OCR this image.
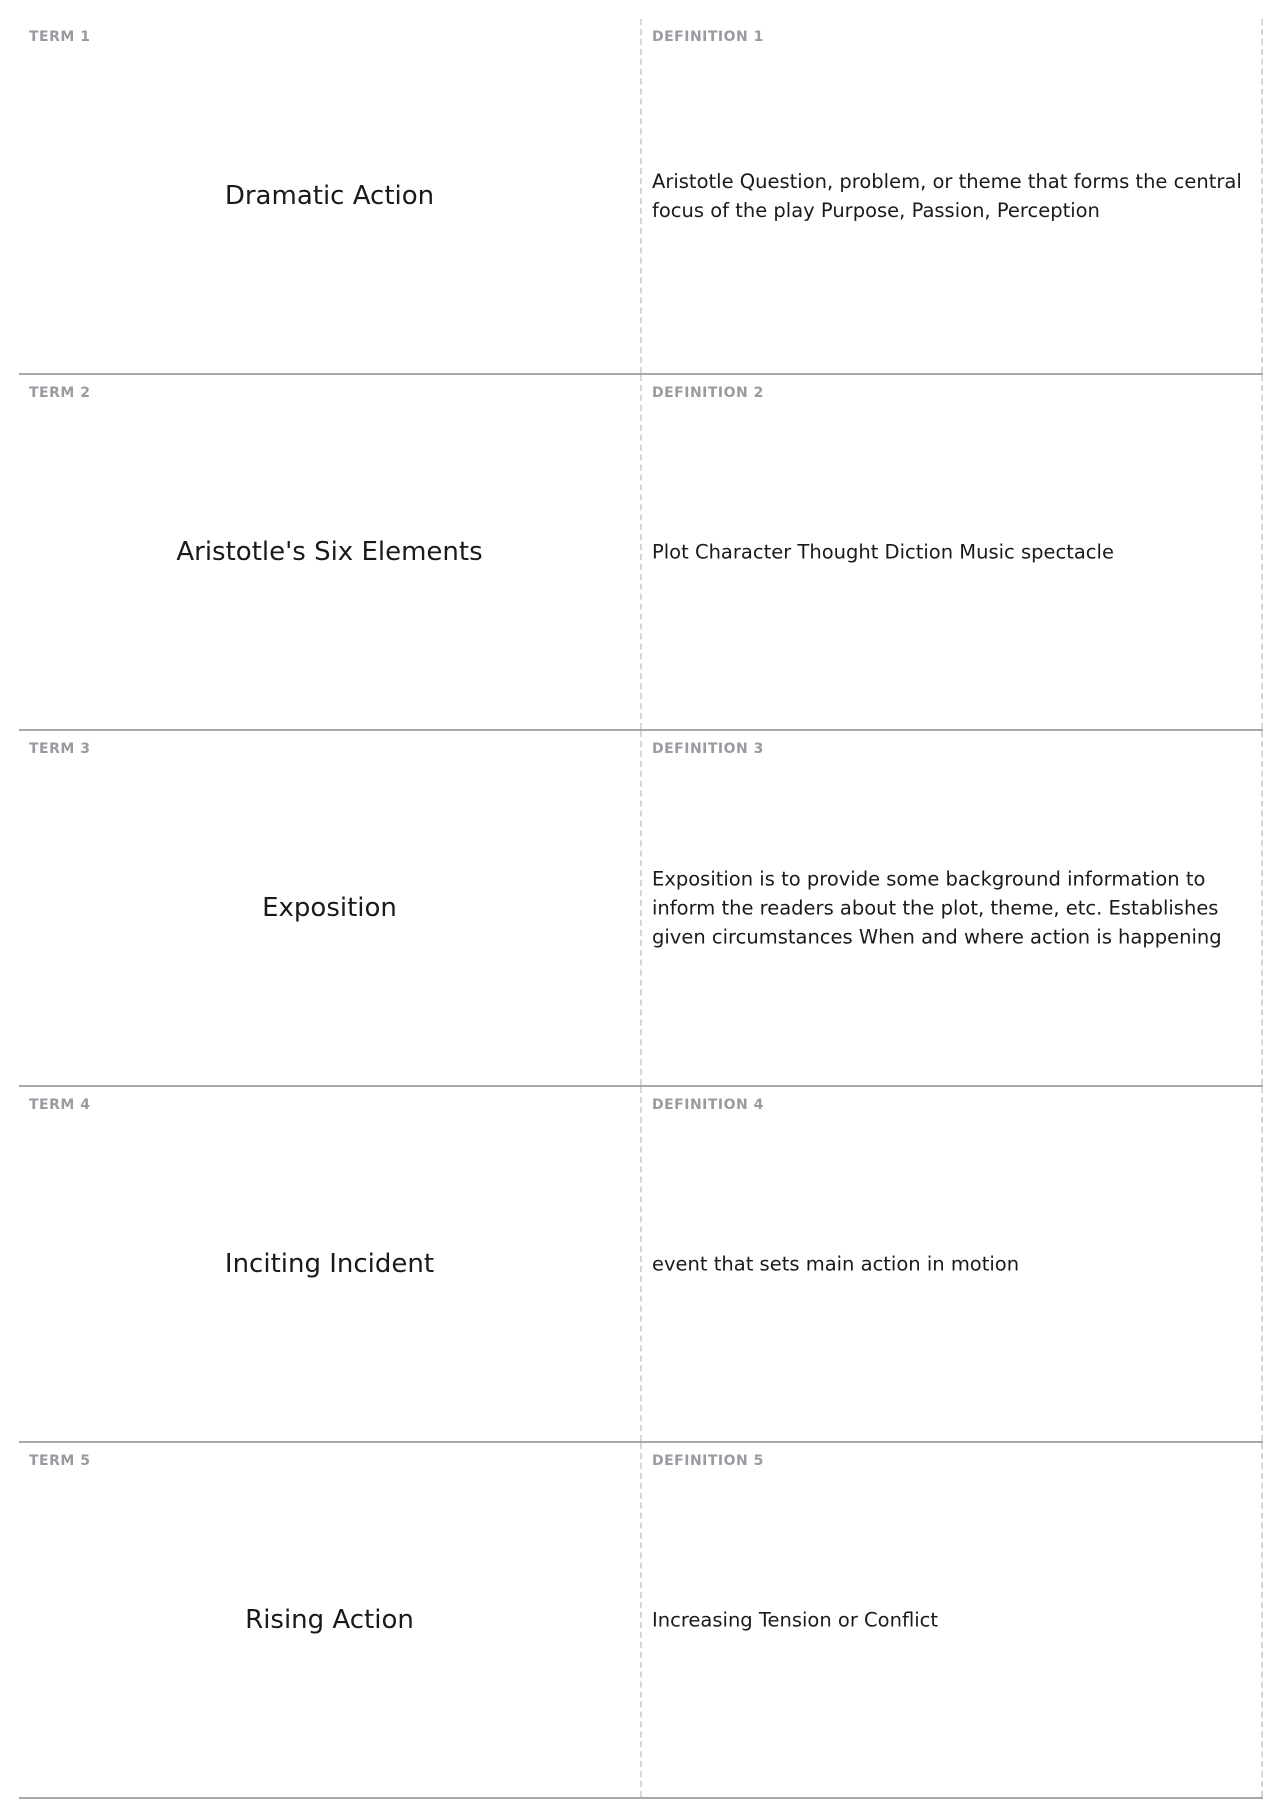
TERM 1
Dramatic Action
DEFINITION 1
Aristotle Question, problem, or theme that forms the central focus of the play Purpose, Passion, Perception
TERM 2
Aristotle's Six Elements
DEFINITION 2
Plot Character Thought Diction Music spectacle
TERM 3
Exposition
DEFINITION 3
Exposition is to provide some background information to inform the readers about the plot, theme, etc. Establishes given circumstances When and where action is happening
TERM 4
Inciting Incident
DEFINITION 4
event that sets main action in motion
TERM 5
Rising Action
DEFINITION 5
Increasing Tension or Conflict
